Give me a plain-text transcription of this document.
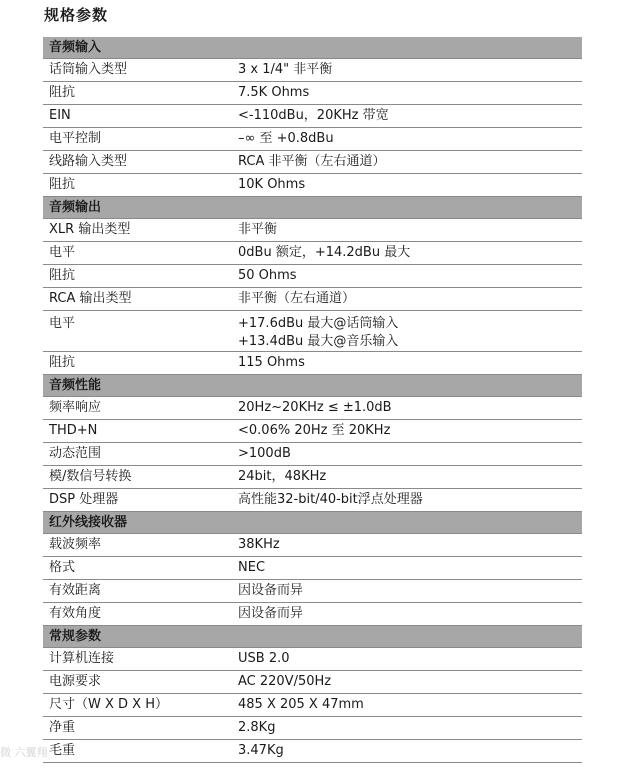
规格参数
音频输入
话筒输入类型	3 x 1/4" 非平衡
阻抗	7.5K Ohms
EIN	<-110dBu，20KHz 带宽
电平控制	–∞ 至 +0.8dBu
线路输入类型	RCA 非平衡（左右通道）
阻抗	10K Ohms
音频输出
XLR 输出类型	非平衡
电平	0dBu 额定，+14.2dBu 最大
阻抗	50 Ohms
RCA 输出类型	非平衡（左右通道）
电平	+17.6dBu 最大@话筒输入
+13.4dBu 最大@音乐输入
阻抗	115 Ohms
音频性能
频率响应	20Hz~20KHz ≤ ±1.0dB
THD+N	<0.06% 20Hz 至 20KHz
动态范围	>100dB
模/数信号转换	24bit，48KHz
DSP 处理器	高性能32-bit/40-bit浮点处理器
红外线接收器
载波频率	38KHz
格式	NEC
有效距离	因设备而异
有效角度	因设备而异
常规参数
计算机连接	USB 2.0
电源要求	AC 220V/50Hz
尺寸（W X D X H）	485 X 205 X 47mm
净重	2.8Kg
毛重	3.47Kg
微 六翼翔
